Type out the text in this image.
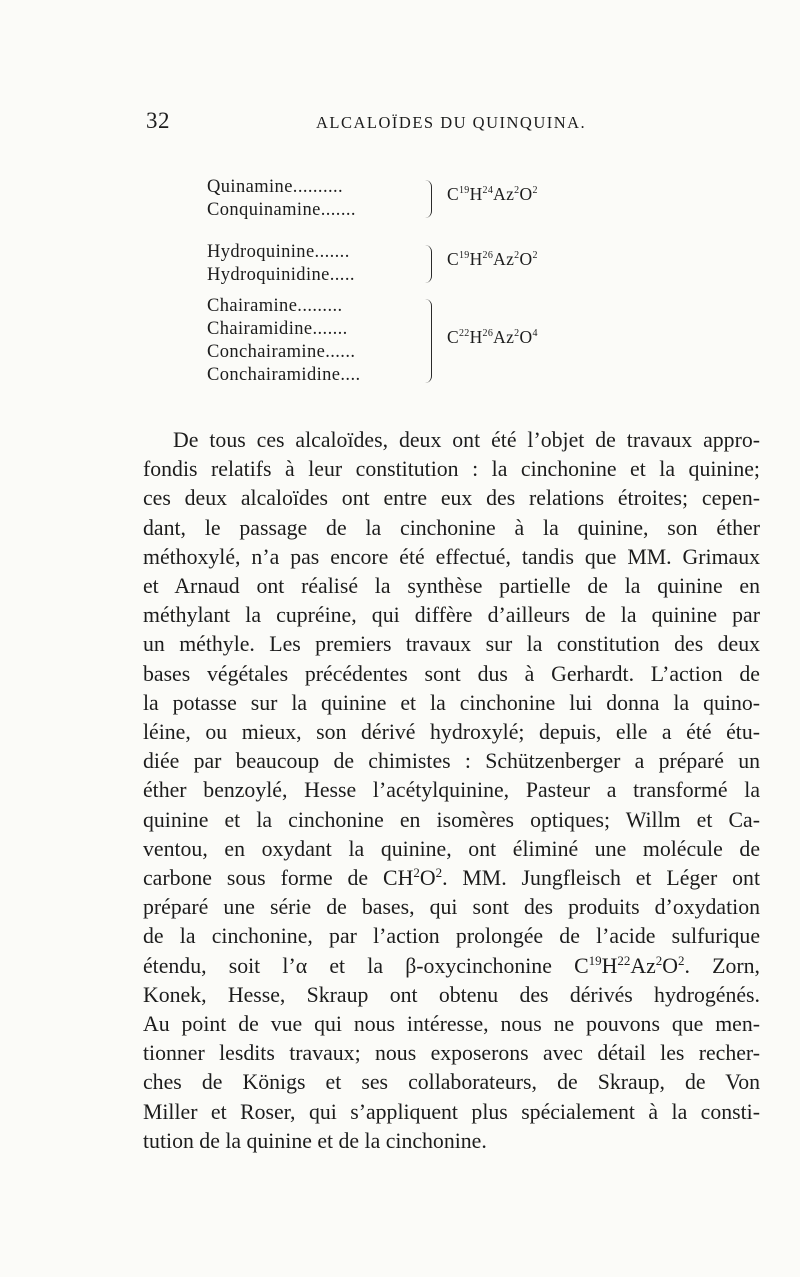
32	ALCALOÏDES DU QUINQUINA.
Quinamine..........
Conquinamine.......
$C^{19}H^{24}Az^2O^2$
Hydroquinine.......
Hydroquinidine.....
$C^{19}H^{26}Az^2O^2$
Chairamine.........
Chairamidine.......
Conchairamine......
Conchairamidine....
$C^{22}H^{26}Az^2O^4$
De tous ces alcaloïdes, deux ont été l’objet de travaux appro-
fondis relatifs à leur constitution : la cinchonine et la quinine;
ces deux alcaloïdes ont entre eux des relations étroites; cepen-
dant, le passage de la cinchonine à la quinine, son éther
méthoxylé, n’a pas encore été effectué, tandis que MM. Grimaux
et Arnaud ont réalisé la synthèse partielle de la quinine en
méthylant la cupréine, qui diffère d’ailleurs de la quinine par
un méthyle. Les premiers travaux sur la constitution des deux
bases végétales précédentes sont dus à Gerhardt. L’action de
la potasse sur la quinine et la cinchonine lui donna la quino-
léine, ou mieux, son dérivé hydroxylé; depuis, elle a été étu-
diée par beaucoup de chimistes : Schützenberger a préparé un
éther benzoylé, Hesse l’acétylquinine, Pasteur a transformé la
quinine et la cinchonine en isomères optiques; Willm et Ca-
ventou, en oxydant la quinine, ont éliminé une molécule de
carbone sous forme de $CH^2O^2$. MM. Jungfleisch et Léger ont
préparé une série de bases, qui sont des produits d’oxydation
de la cinchonine, par l’action prolongée de l’acide sulfurique
étendu, soit l’α et la β-oxycinchonine $C^{19}H^{22}Az^2O^2$. Zorn,
Konek, Hesse, Skraup ont obtenu des dérivés hydrogénés.
Au point de vue qui nous intéresse, nous ne pouvons que men-
tionner lesdits travaux; nous exposerons avec détail les recher-
ches de Königs et ses collaborateurs, de Skraup, de Von
Miller et Roser, qui s’appliquent plus spécialement à la consti-
tution de la quinine et de la cinchonine.
